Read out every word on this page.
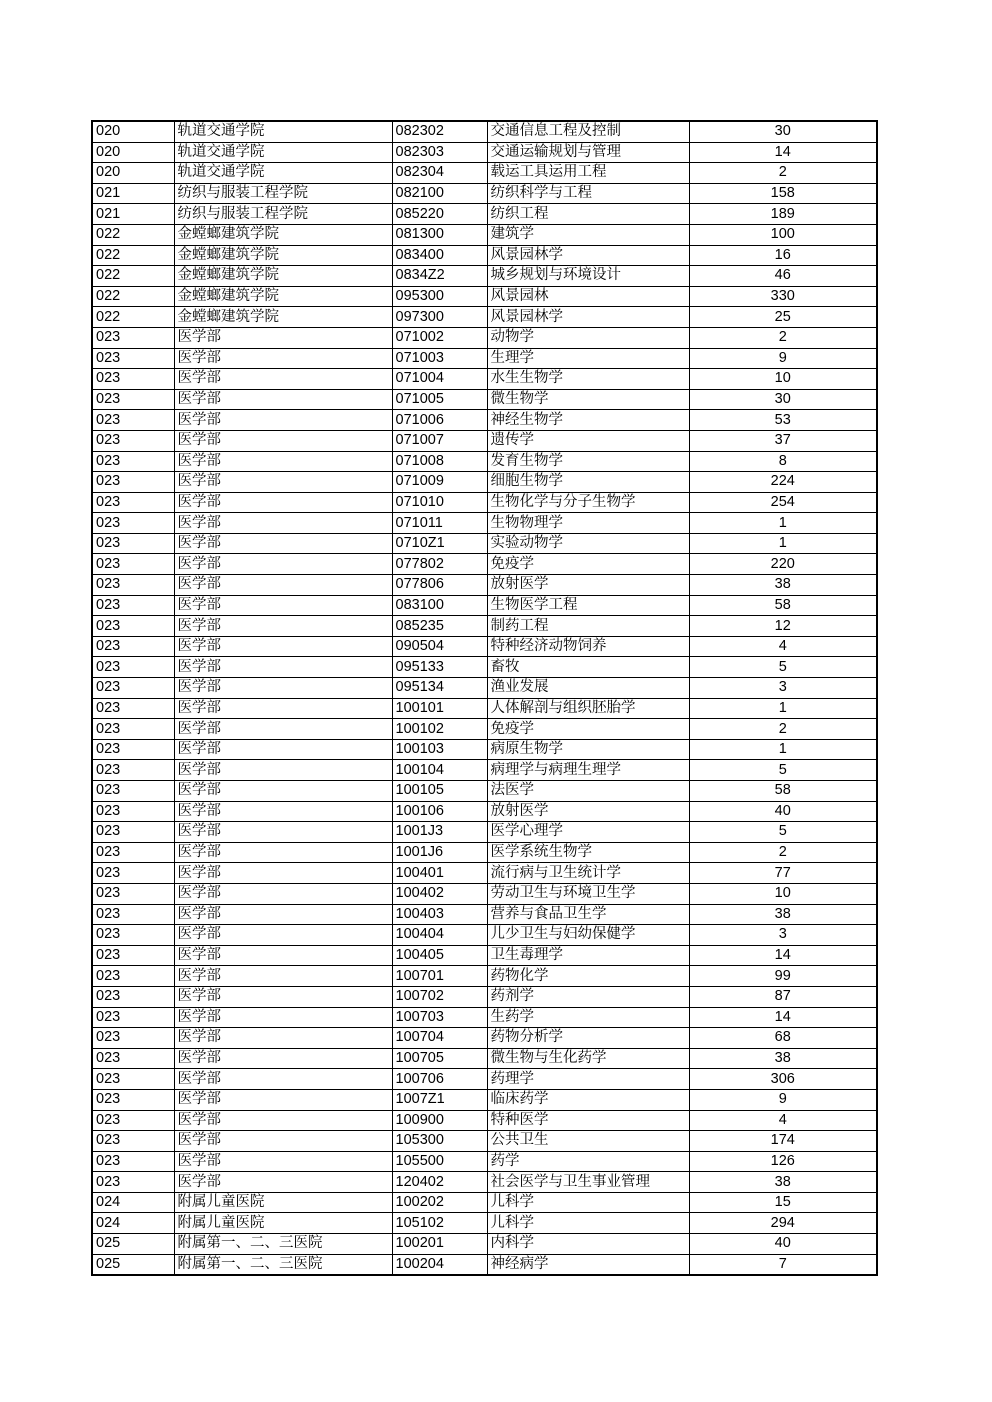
020	轨道交通学院	082302	交通信息工程及控制	30
020	轨道交通学院	082303	交通运输规划与管理	14
020	轨道交通学院	082304	载运工具运用工程	2
021	纺织与服装工程学院	082100	纺织科学与工程	158
021	纺织与服装工程学院	085220	纺织工程	189
022	金螳螂建筑学院	081300	建筑学	100
022	金螳螂建筑学院	083400	风景园林学	16
022	金螳螂建筑学院	0834Z2	城乡规划与环境设计	46
022	金螳螂建筑学院	095300	风景园林	330
022	金螳螂建筑学院	097300	风景园林学	25
023	医学部	071002	动物学	2
023	医学部	071003	生理学	9
023	医学部	071004	水生生物学	10
023	医学部	071005	微生物学	30
023	医学部	071006	神经生物学	53
023	医学部	071007	遗传学	37
023	医学部	071008	发育生物学	8
023	医学部	071009	细胞生物学	224
023	医学部	071010	生物化学与分子生物学	254
023	医学部	071011	生物物理学	1
023	医学部	0710Z1	实验动物学	1
023	医学部	077802	免疫学	220
023	医学部	077806	放射医学	38
023	医学部	083100	生物医学工程	58
023	医学部	085235	制药工程	12
023	医学部	090504	特种经济动物饲养	4
023	医学部	095133	畜牧	5
023	医学部	095134	渔业发展	3
023	医学部	100101	人体解剖与组织胚胎学	1
023	医学部	100102	免疫学	2
023	医学部	100103	病原生物学	1
023	医学部	100104	病理学与病理生理学	5
023	医学部	100105	法医学	58
023	医学部	100106	放射医学	40
023	医学部	1001J3	医学心理学	5
023	医学部	1001J6	医学系统生物学	2
023	医学部	100401	流行病与卫生统计学	77
023	医学部	100402	劳动卫生与环境卫生学	10
023	医学部	100403	营养与食品卫生学	38
023	医学部	100404	儿少卫生与妇幼保健学	3
023	医学部	100405	卫生毒理学	14
023	医学部	100701	药物化学	99
023	医学部	100702	药剂学	87
023	医学部	100703	生药学	14
023	医学部	100704	药物分析学	68
023	医学部	100705	微生物与生化药学	38
023	医学部	100706	药理学	306
023	医学部	1007Z1	临床药学	9
023	医学部	100900	特种医学	4
023	医学部	105300	公共卫生	174
023	医学部	105500	药学	126
023	医学部	120402	社会医学与卫生事业管理	38
024	附属儿童医院	100202	儿科学	15
024	附属儿童医院	105102	儿科学	294
025	附属第一、二、三医院	100201	内科学	40
025	附属第一、二、三医院	100204	神经病学	7
